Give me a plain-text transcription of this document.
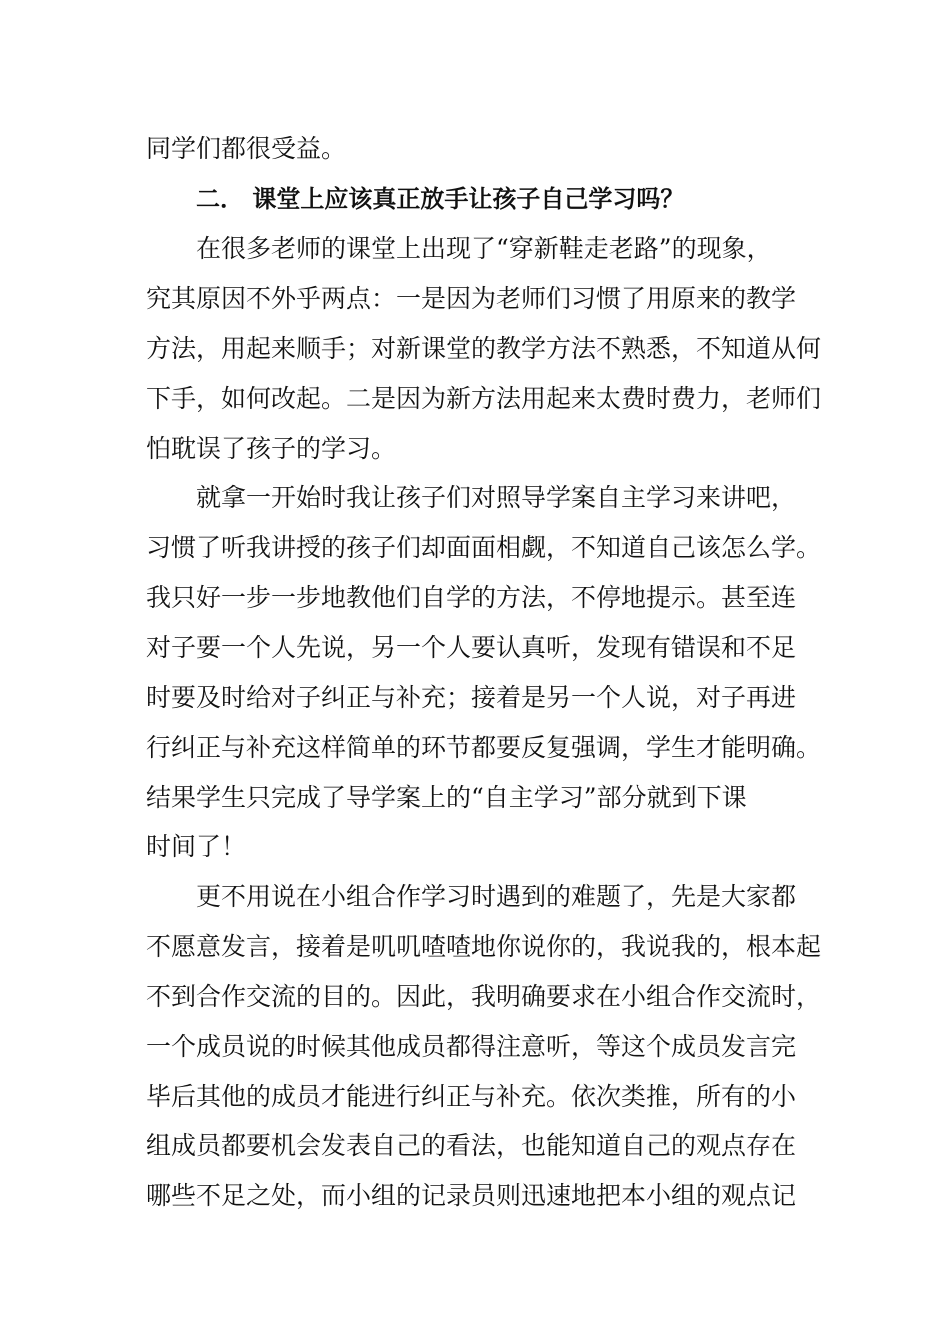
同学们都很受益。
二． 课堂上应该真正放手让孩子自己学习吗？
在很多老师的课堂上出现了“穿新鞋走老路”的现象，
究其原因不外乎两点：一是因为老师们习惯了用原来的教学
方法，用起来顺手；对新课堂的教学方法不熟悉，不知道从何
下手，如何改起。二是因为新方法用起来太费时费力，老师们
怕耽误了孩子的学习。
就拿一开始时我让孩子们对照导学案自主学习来讲吧，
习惯了听我讲授的孩子们却面面相觑，不知道自己该怎么学。
我只好一步一步地教他们自学的方法，不停地提示。甚至连
对子要一个人先说，另一个人要认真听，发现有错误和不足
时要及时给对子纠正与补充；接着是另一个人说，对子再进
行纠正与补充这样简单的环节都要反复强调，学生才能明确。
结果学生只完成了导学案上的“自主学习”部分就到下课
时间了！
更不用说在小组合作学习时遇到的难题了，先是大家都
不愿意发言，接着是叽叽喳喳地你说你的，我说我的，根本起
不到合作交流的目的。因此，我明确要求在小组合作交流时，
一个成员说的时候其他成员都得注意听，等这个成员发言完
毕后其他的成员才能进行纠正与补充。依次类推，所有的小
组成员都要机会发表自己的看法，也能知道自己的观点存在
哪些不足之处，而小组的记录员则迅速地把本小组的观点记
